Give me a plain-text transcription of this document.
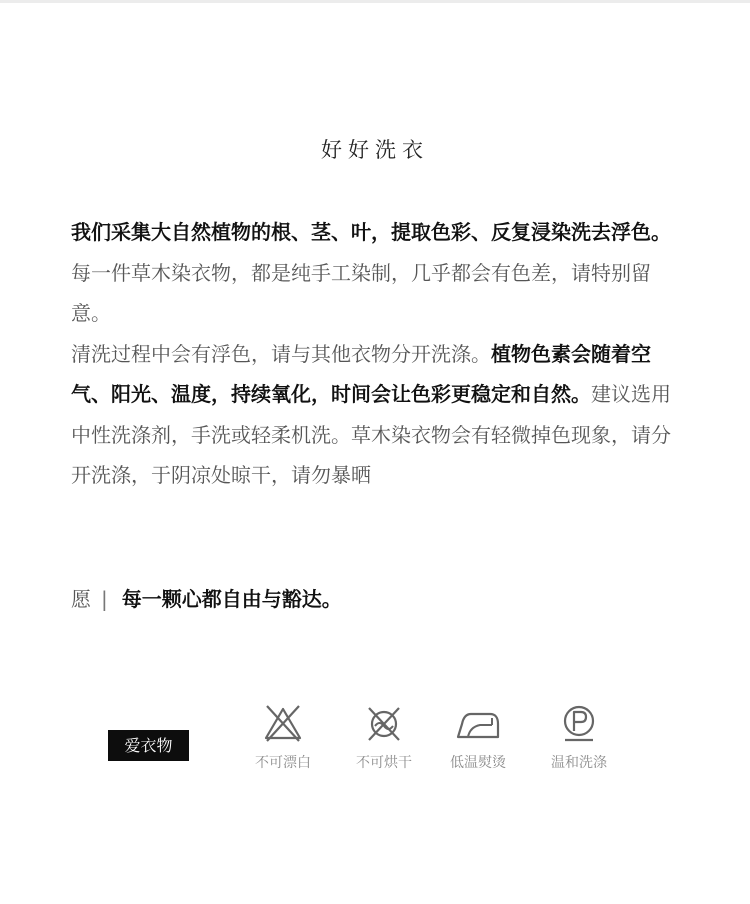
好好洗衣

我们采集大自然植物的根、茎、叶，提取色彩、反复浸染洗去浮色。每一件草木染衣物，都是纯手工染制，几乎都会有色差，请特别留意。

清洗过程中会有浮色，请与其他衣物分开洗涤。植物色素会随着空气、阳光、温度，持续氧化，时间会让色彩更稳定和自然。建议选用中性洗涤剂，手洗或轻柔机洗。草木染衣物会有轻微掉色现象，请分开洗涤，于阴凉处晾干，请勿暴晒

愿 | 每一颗心都自由与豁达。
爱衣物
不可漂白	不可烘干	低温熨烫	温和洗涤
